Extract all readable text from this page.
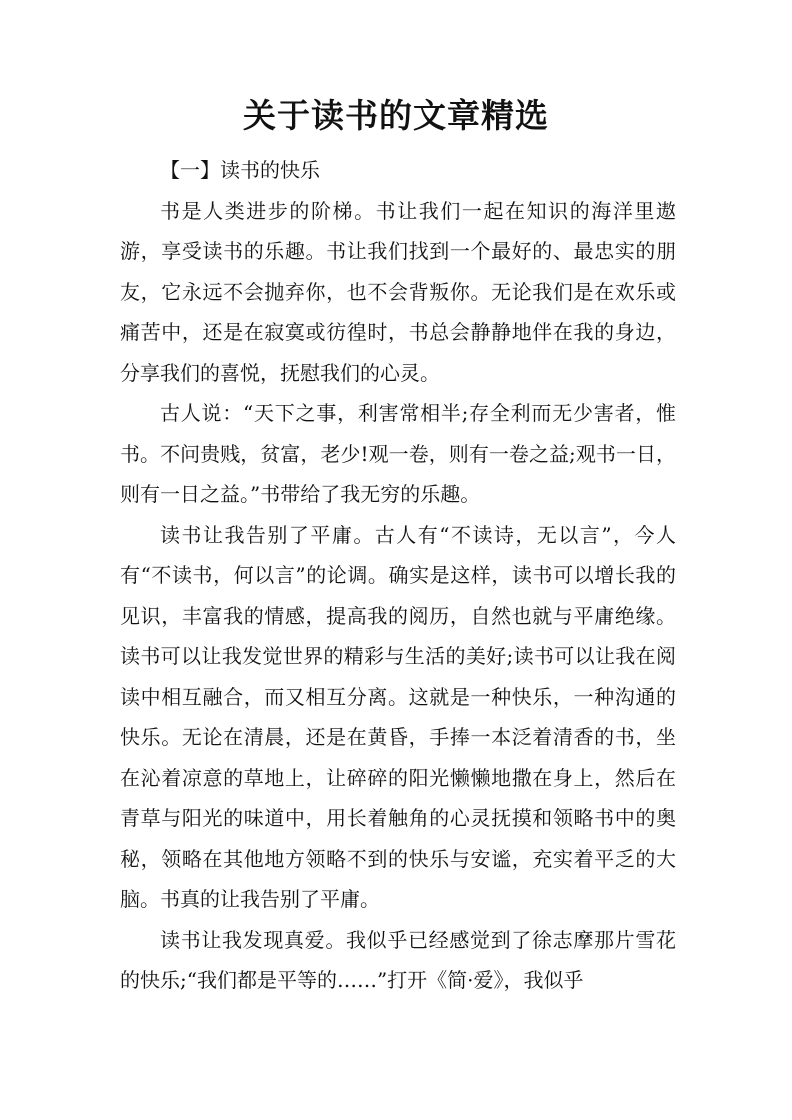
关于读书的文章精选
【一】读书的快乐

书是人类进步的阶梯。书让我们一起在知识的海洋里遨游，享受读书的乐趣。书让我们找到一个最好的、最忠实的朋友，它永远不会抛弃你，也不会背叛你。无论我们是在欢乐或痛苦中，还是在寂寞或彷徨时，书总会静静地伴在我的身边，分享我们的喜悦，抚慰我们的心灵。

古人说：“天下之事，利害常相半;存全利而无少害者，惟书。不问贵贱，贫富，老少!观一卷，则有一卷之益;观书一日，则有一日之益。”书带给了我无穷的乐趣。

读书让我告别了平庸。古人有“不读诗，无以言”，今人有“不读书，何以言”的论调。确实是这样，读书可以增长我的见识，丰富我的情感，提高我的阅历，自然也就与平庸绝缘。读书可以让我发觉世界的精彩与生活的美好;读书可以让我在阅读中相互融合，而又相互分离。这就是一种快乐，一种沟通的快乐。无论在清晨，还是在黄昏，手捧一本泛着清香的书，坐在沁着凉意的草地上，让碎碎的阳光懒懒地撒在身上，然后在青草与阳光的味道中，用长着触角的心灵抚摸和领略书中的奥秘，领略在其他地方领略不到的快乐与安谧，充实着平乏的大脑。书真的让我告别了平庸。

读书让我发现真爱。我似乎已经感觉到了徐志摩那片雪花的快乐;“我们都是平等的……”打开《简·爱》，我似乎
